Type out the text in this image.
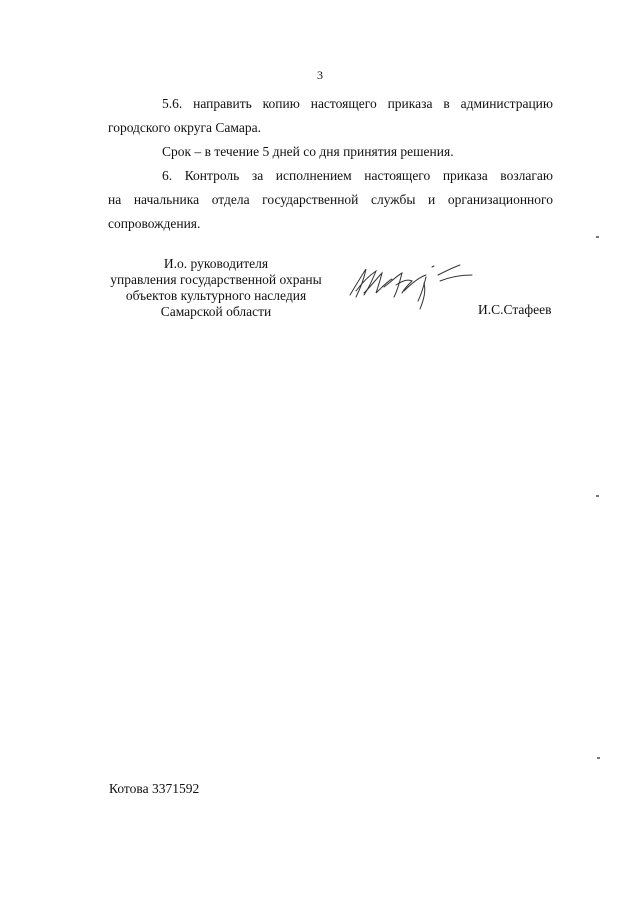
3
5.6. направить копию настоящего приказа в администрацию
городского округа Самара.
Срок – в течение 5 дней со дня принятия решения.
6. Контроль за исполнением настоящего приказа возлагаю
на начальника отдела государственной службы и организационного
сопровождения.
И.о. руководителя
управления государственной охраны
объектов культурного наследия
Самарской области	И.С.Стафеев
Котова 3371592
